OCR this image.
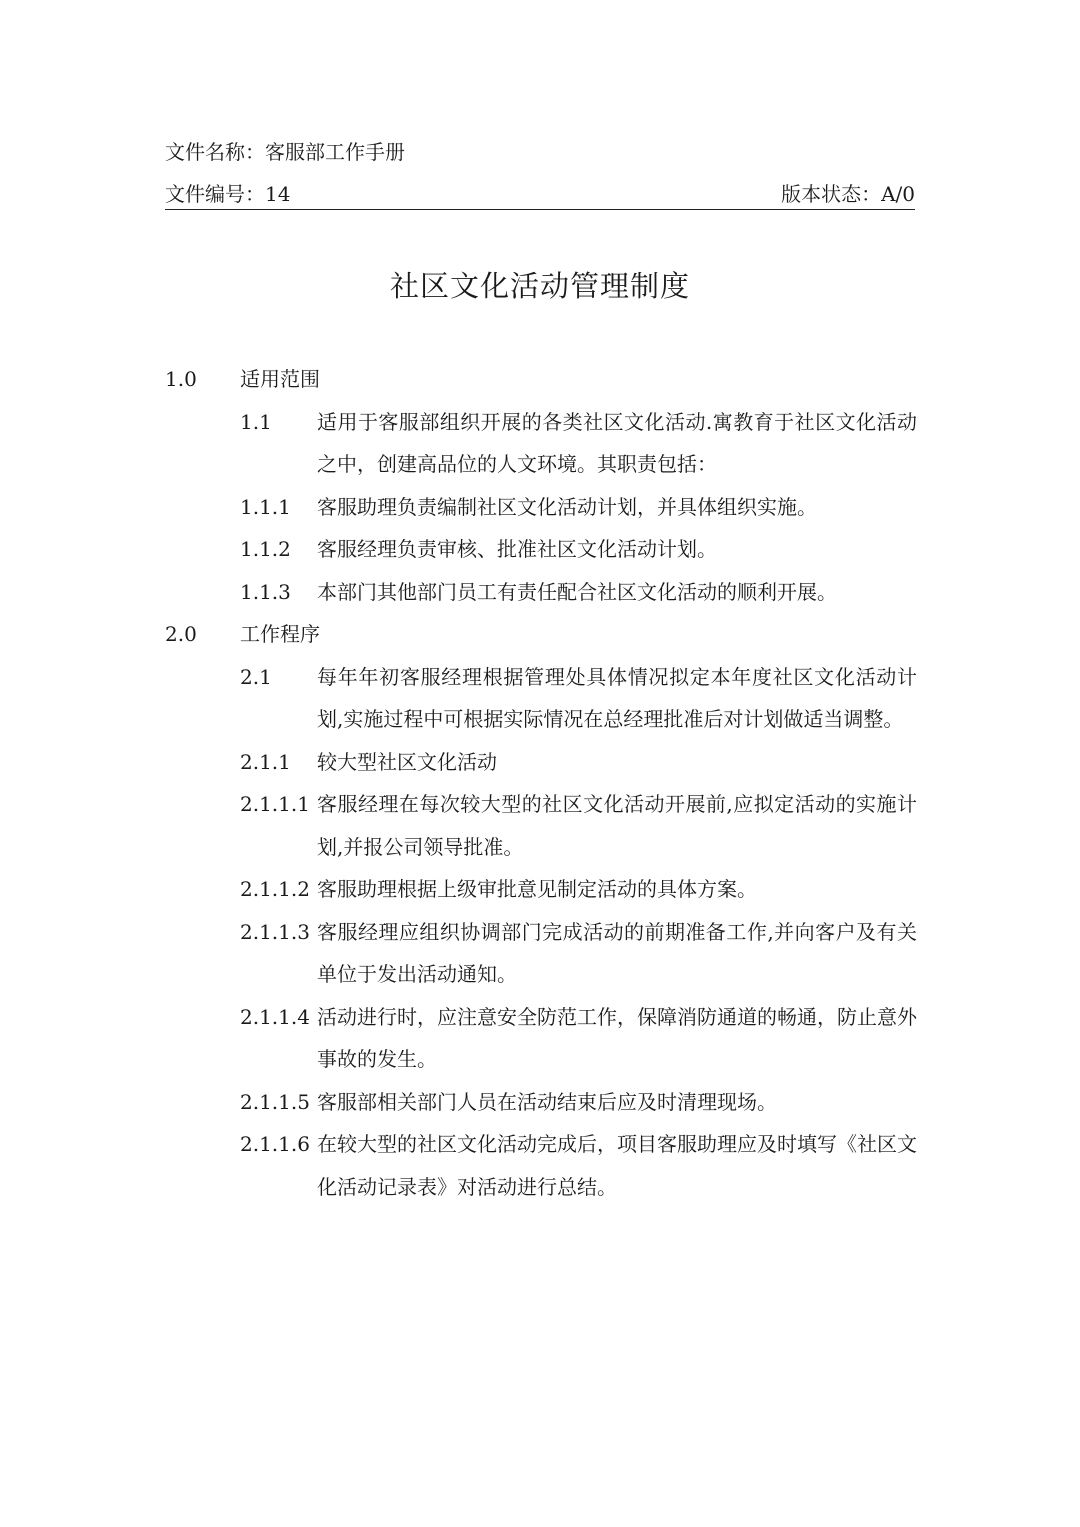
文件名称：客服部工作手册
文件编号：14	版本状态：A/0
社区文化活动管理制度
1.0	适用范围
1.1	适用于客服部组织开展的各类社区文化活动.寓教育于社区文化活动之中，创建高品位的人文环境。其职责包括：
1.1.1	客服助理负责编制社区文化活动计划，并具体组织实施。
1.1.2	客服经理负责审核、批准社区文化活动计划。
1.1.3	本部门其他部门员工有责任配合社区文化活动的顺利开展。
2.0	工作程序
2.1	每年年初客服经理根据管理处具体情况拟定本年度社区文化活动计划,实施过程中可根据实际情况在总经理批准后对计划做适当调整。
2.1.1	较大型社区文化活动
2.1.1.1 客服经理在每次较大型的社区文化活动开展前,应拟定活动的实施计划,并报公司领导批准。
2.1.1.2 客服助理根据上级审批意见制定活动的具体方案。
2.1.1.3 客服经理应组织协调部门完成活动的前期准备工作,并向客户及有关单位于发出活动通知。
2.1.1.4 活动进行时，应注意安全防范工作，保障消防通道的畅通，防止意外事故的发生。
2.1.1.5 客服部相关部门人员在活动结束后应及时清理现场。
2.1.1.6 在较大型的社区文化活动完成后，项目客服助理应及时填写《社区文化活动记录表》对活动进行总结。
